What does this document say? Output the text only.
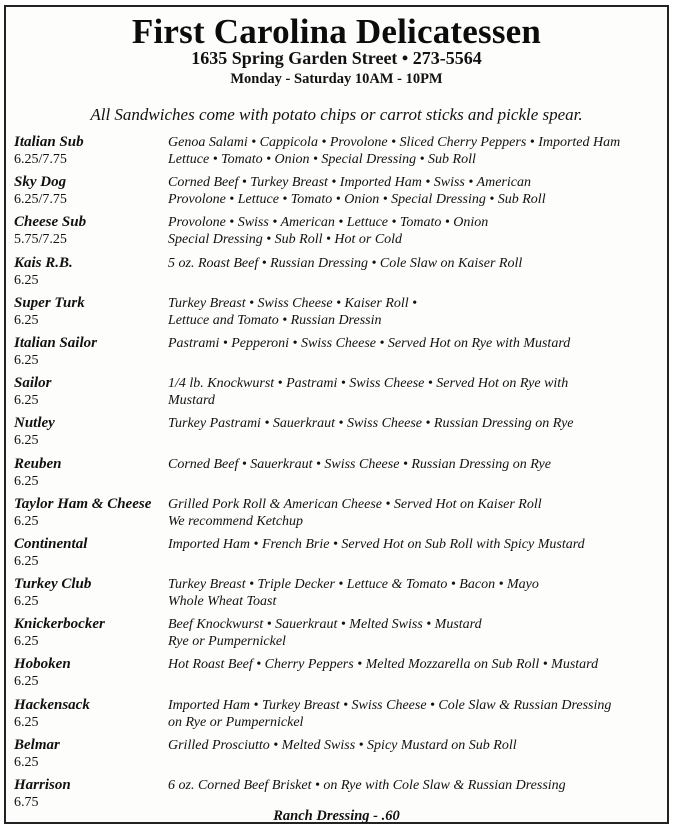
First Carolina Delicatessen
1635 Spring Garden Street • 273-5564
Monday - Saturday 10AM - 10PM
All Sandwiches come with potato chips or carrot sticks and pickle spear.
Italian Sub
6.25/7.75
Genoa Salami • Cappicola • Provolone • Sliced Cherry Peppers • Imported Ham
Lettuce • Tomato • Onion • Special Dressing • Sub Roll
Sky Dog
6.25/7.75
Corned Beef • Turkey Breast • Imported Ham • Swiss • American
Provolone • Lettuce • Tomato • Onion • Special Dressing • Sub Roll
Cheese Sub
5.75/7.25
Provolone • Swiss • American • Lettuce • Tomato • Onion
Special Dressing • Sub Roll • Hot or Cold
Kais R.B.
6.25
5 oz. Roast Beef • Russian Dressing • Cole Slaw on Kaiser Roll
Super Turk
6.25
Turkey Breast • Swiss Cheese • Kaiser Roll •
Lettuce and Tomato • Russian Dressin
Italian Sailor
6.25
Pastrami • Pepperoni • Swiss Cheese • Served Hot on Rye with Mustard
Sailor
6.25
1/4 lb. Knockwurst • Pastrami • Swiss Cheese • Served Hot on Rye with
Mustard
Nutley
6.25
Turkey Pastrami • Sauerkraut • Swiss Cheese • Russian Dressing on Rye
Reuben
6.25
Corned Beef • Sauerkraut • Swiss Cheese • Russian Dressing on Rye
Taylor Ham & Cheese
6.25
Grilled Pork Roll & American Cheese • Served Hot on Kaiser Roll
We recommend Ketchup
Continental
6.25
Imported Ham • French Brie • Served Hot on Sub Roll with Spicy Mustard
Turkey Club
6.25
Turkey Breast • Triple Decker • Lettuce & Tomato • Bacon • Mayo
Whole Wheat Toast
Knickerbocker
6.25
Beef Knockwurst • Sauerkraut • Melted Swiss • Mustard
Rye or Pumpernickel
Hoboken
6.25
Hot Roast Beef • Cherry Peppers • Melted Mozzarella on Sub Roll • Mustard
Hackensack
6.25
Imported Ham • Turkey Breast • Swiss Cheese • Cole Slaw & Russian Dressing
on Rye or Pumpernickel
Belmar
6.25
Grilled Prosciutto • Melted Swiss • Spicy Mustard on Sub Roll
Harrison
6.75
6 oz. Corned Beef Brisket • on Rye with Cole Slaw & Russian Dressing
Ranch Dressing - .60
